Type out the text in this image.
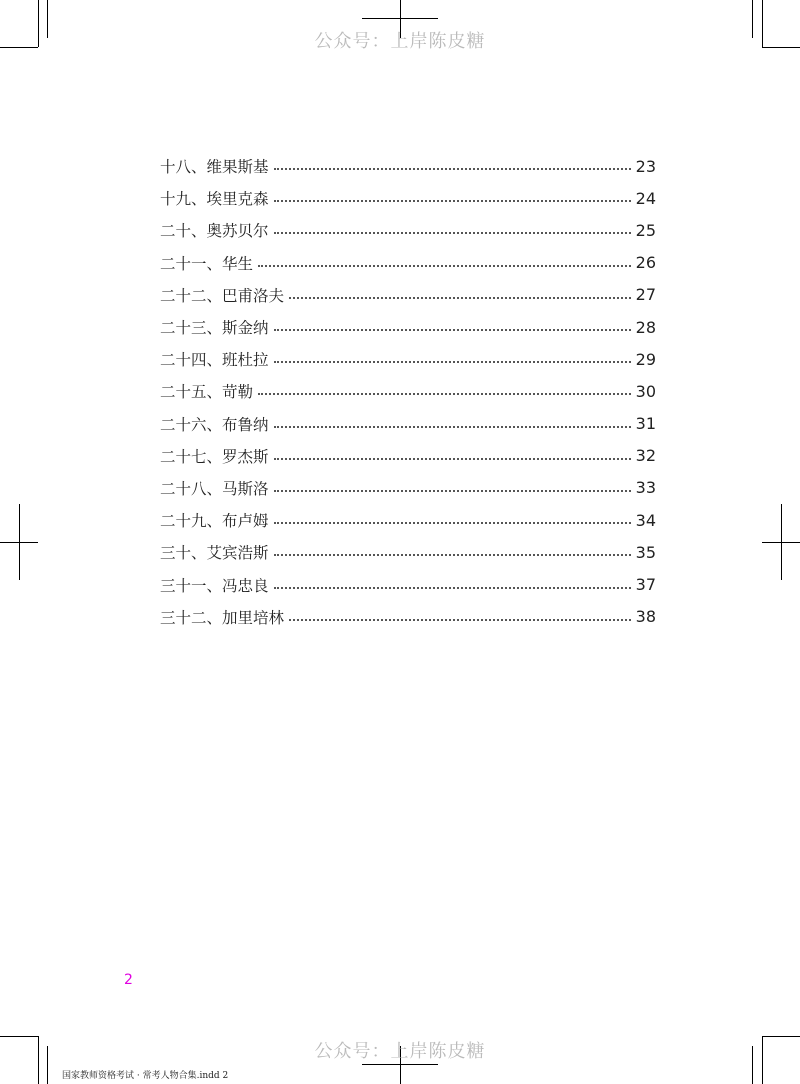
公众号：上岸陈皮糖
公众号：上岸陈皮糖
十八、维果斯基	23
十九、埃里克森	24
二十、奥苏贝尔	25
二十一、华生	26
二十二、巴甫洛夫	27
二十三、斯金纳	28
二十四、班杜拉	29
二十五、苛勒	30
二十六、布鲁纳	31
二十七、罗杰斯	32
二十八、马斯洛	33
二十九、布卢姆	34
三十、艾宾浩斯	35
三十一、冯忠良	37
三十二、加里培林	38
2
国家教师资格考试 · 常考人物合集.indd 2
